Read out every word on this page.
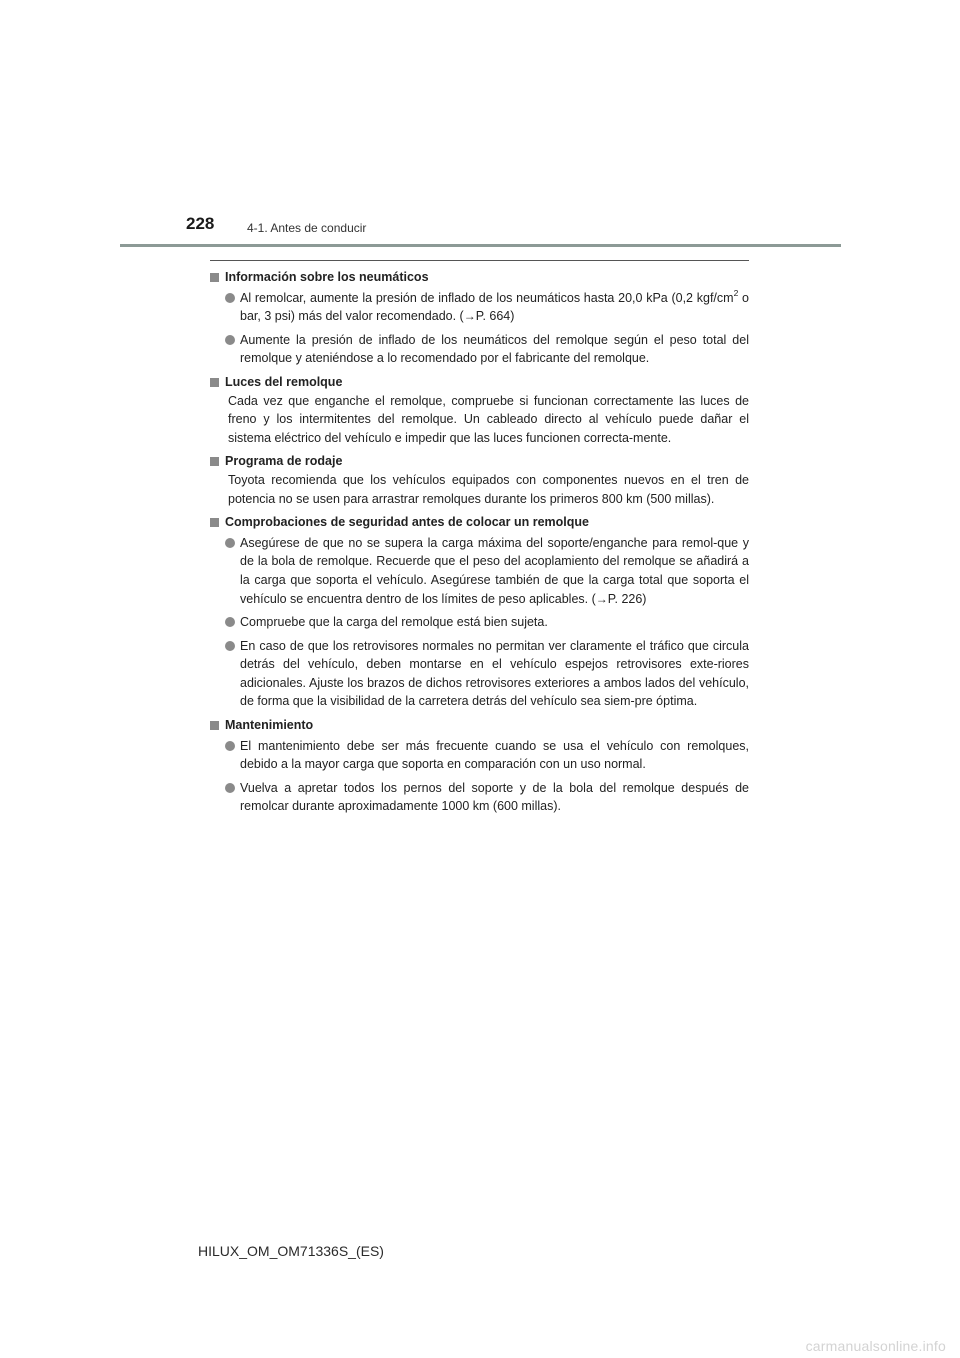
228	4-1. Antes de conducir
Información sobre los neumáticos
Al remolcar, aumente la presión de inflado de los neumáticos hasta 20,0 kPa (0,2 kgf/$cm^2$ o bar, 3 psi) más del valor recomendado. (→P. 664)
Aumente la presión de inflado de los neumáticos del remolque según el peso total del remolque y ateniéndose a lo recomendado por el fabricante del remolque.
Luces del remolque

Cada vez que enganche el remolque, compruebe si funcionan correctamente las luces de freno y los intermitentes del remolque. Un cableado directo al vehículo puede dañar el sistema eléctrico del vehículo e impedir que las luces funcionen correcta-mente.

Programa de rodaje

Toyota recomienda que los vehículos equipados con componentes nuevos en el tren de potencia no se usen para arrastrar remolques durante los primeros 800 km (500 millas).

Comprobaciones de seguridad antes de colocar un remolque
Asegúrese de que no se supera la carga máxima del soporte/enganche para remol-que y de la bola de remolque. Recuerde que el peso del acoplamiento del remolque se añadirá a la carga que soporta el vehículo. Asegúrese también de que la carga total que soporta el vehículo se encuentra dentro de los límites de peso aplicables. (→P. 226)
Compruebe que la carga del remolque está bien sujeta.
En caso de que los retrovisores normales no permitan ver claramente el tráfico que circula detrás del vehículo, deben montarse en el vehículo espejos retrovisores exte-riores adicionales. Ajuste los brazos de dichos retrovisores exteriores a ambos lados del vehículo, de forma que la visibilidad de la carretera detrás del vehículo sea siem-pre óptima.
Mantenimiento
El mantenimiento debe ser más frecuente cuando se usa el vehículo con remolques, debido a la mayor carga que soporta en comparación con un uso normal.
Vuelva a apretar todos los pernos del soporte y de la bola del remolque después de remolcar durante aproximadamente 1000 km (600 millas).
HILUX_OM_OM71336S_(ES)
carmanualsonline.info
